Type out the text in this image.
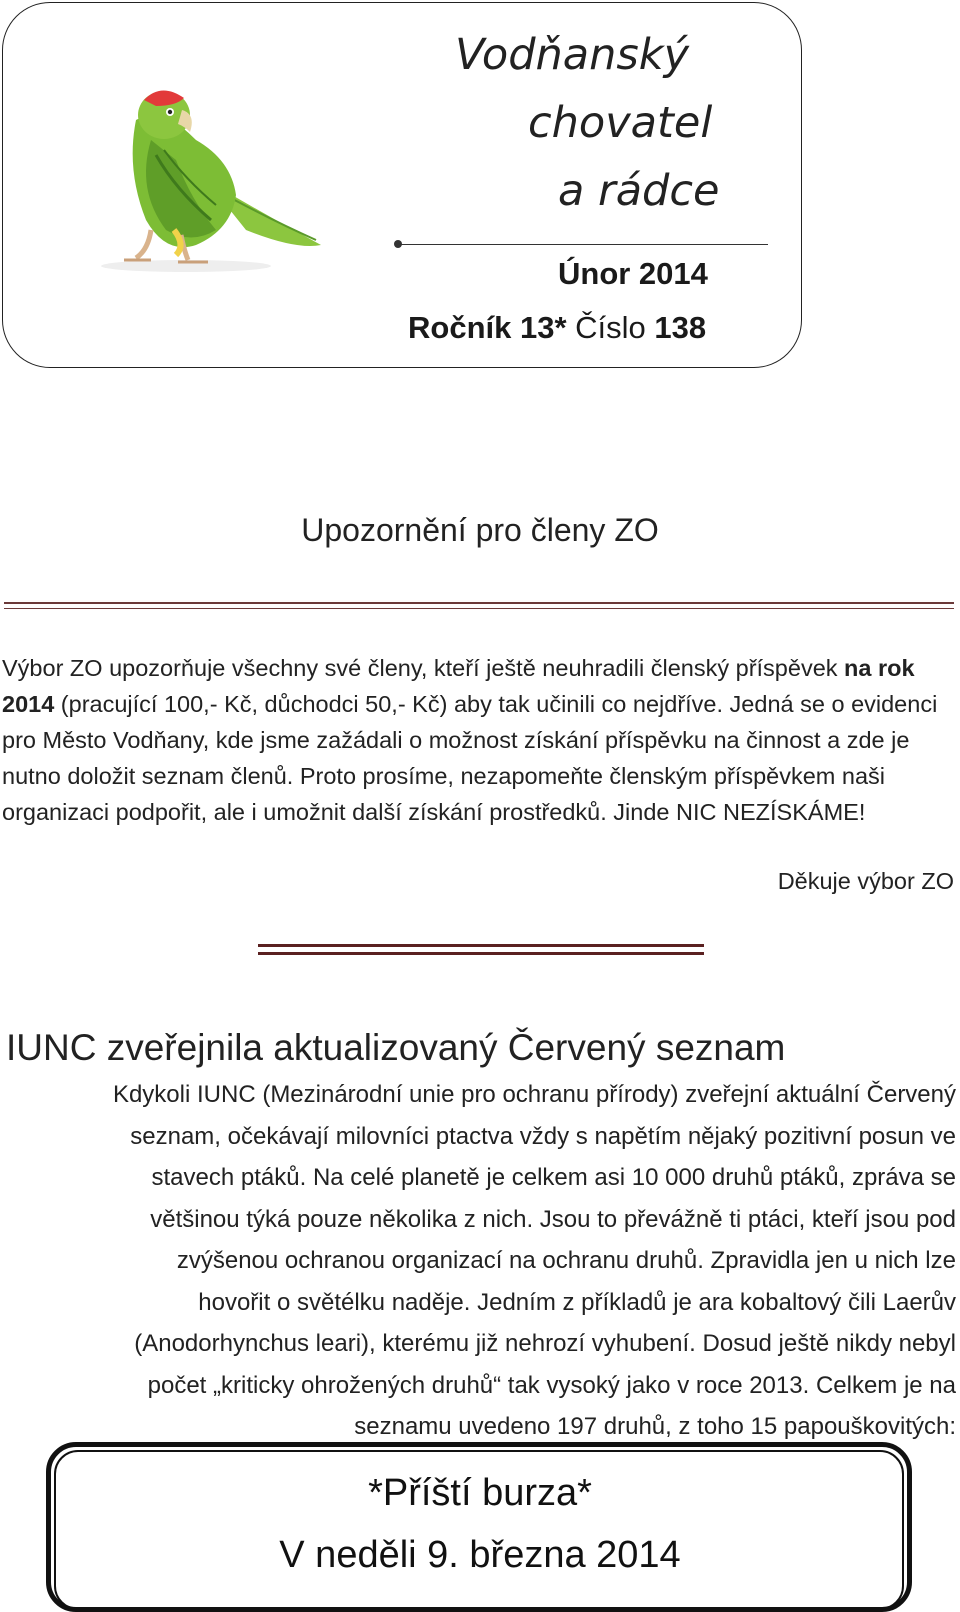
Vodňanský
chovatel
a rádce
Únor 2014
Ročník 13* Číslo 138
Upozornění pro členy ZO
Výbor ZO upozorňuje všechny své členy, kteří ještě neuhradili členský příspěvek na rok 2014 (pracující 100,- Kč, důchodci 50,- Kč) aby tak učinili co nejdříve. Jedná se o evidenci pro Město Vodňany, kde jsme zažádali o možnost získání příspěvku na činnost a zde je nutno doložit seznam členů. Proto prosíme, nezapomeňte členským příspěvkem naši organizaci podpořit, ale i umožnit další získání prostředků. Jinde NIC NEZÍSKÁME!
Děkuje výbor ZO
IUNC zveřejnila aktualizovaný Červený seznam
Kdykoli IUNC (Mezinárodní unie pro ochranu přírody) zveřejní aktuální Červený
seznam, očekávají milovníci ptactva vždy s napětím nějaký pozitivní posun ve
stavech ptáků. Na celé planetě je celkem asi 10 000 druhů ptáků, zpráva se
většinou týká pouze několika z nich. Jsou to převážně ti ptáci, kteří jsou pod
zvýšenou ochranou organizací na ochranu druhů. Zpravidla jen u nich lze
hovořit o světélku naděje. Jedním z příkladů je ara kobaltový čili Laerův
(Anodorhynchus leari), kterému již nehrozí vyhubení. Dosud ještě nikdy nebyl
počet „kriticky ohrožených druhů“ tak vysoký jako v roce 2013. Celkem je na
seznamu uvedeno 197 druhů, z toho 15 papouškovitých:
*Příští burza*
V neděli 9. března 2014
